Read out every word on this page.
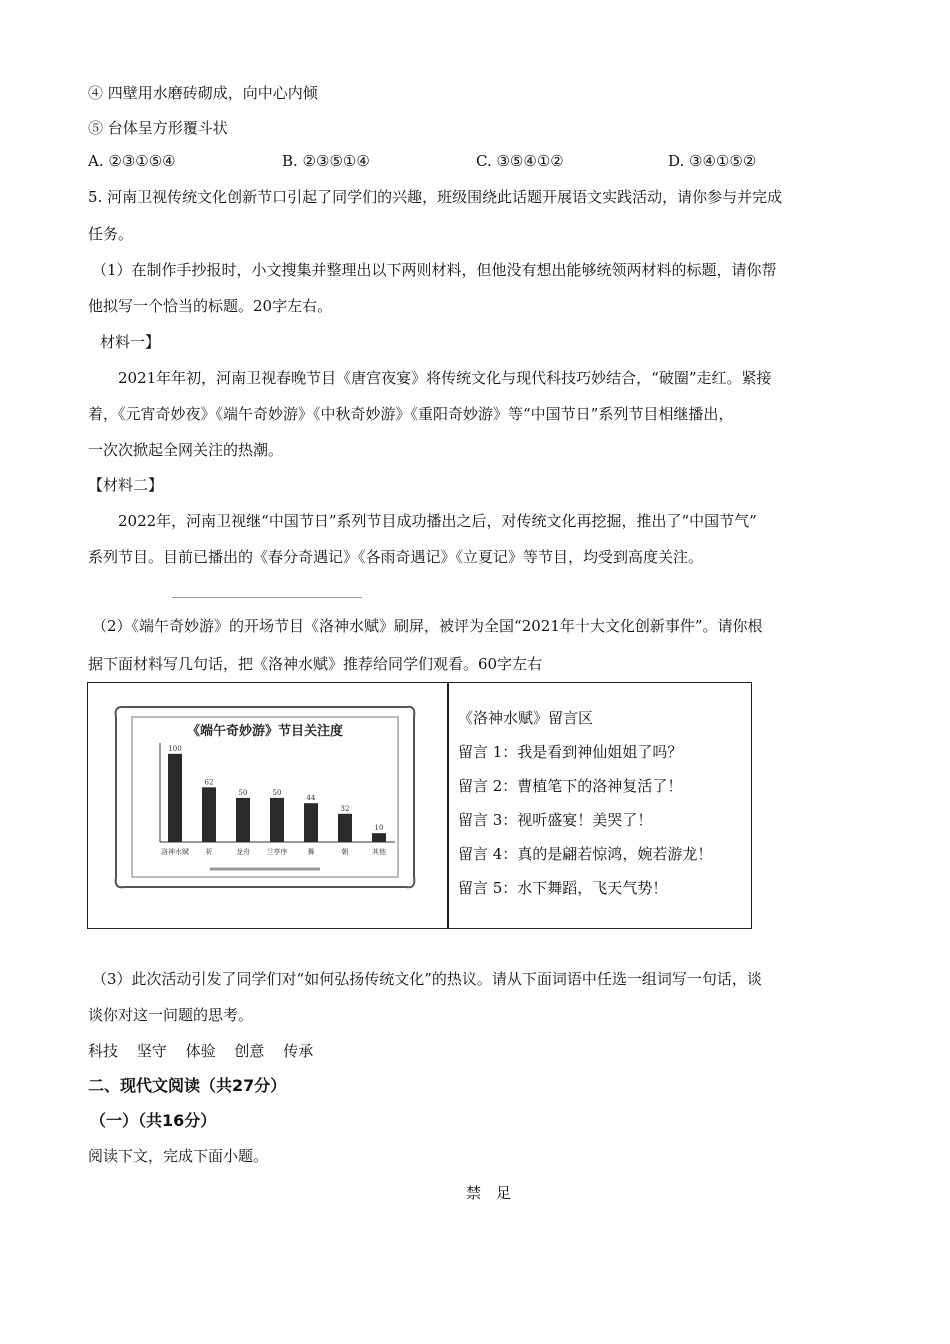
④ 四壁用水磨砖砌成，向中心内倾
⑤ 台体呈方形覆斗状
A. ②③①⑤④	B. ②③⑤①④	C. ③⑤④①②	D. ③④①⑤②
5. 河南卫视传统文化创新节口引起了同学们的兴趣，班级围绕此话题开展语文实践活动，请你参与并完成
任务。
（1）在制作手抄报时，小文搜集并整理出以下两则材料，但他没有想出能够统领两材料的标题，请你帮
他拟写一个恰当的标题。20字左右。
材料一】
2021年年初，河南卫视春晚节目《唐宫夜宴》将传统文化与现代科技巧妙结合，“破圈”走红。紧接
着，《元宵奇妙夜》《端午奇妙游》《中秋奇妙游》《重阳奇妙游》等“中国节日”系列节目相继播出，
一次次掀起全网关注的热潮。
【材料二】
2022年，河南卫视继“中国节日”系列节目成功播出之后，对传统文化再挖掘，推出了“中国节气”
系列节目。目前已播出的《春分奇遇记》《各雨奇遇记》《立夏记》等节目，均受到高度关注。
（2）《端午奇妙游》的开场节目《洛神水赋》刷屏，被评为全国“2021年十大文化创新事件”。请你根
据下面材料写几句话，把《洛神水赋》推荐给同学们观看。60字左右
《端午奇妙游》节目关注度
100
洛神水赋
62
祈
50
龙舟
50
兰亭序
44
舞
32
朝
10
其他
《洛神水赋》留言区
留言 1：我是看到神仙姐姐了吗？
留言 2：曹植笔下的洛神复活了！
留言 3：视听盛宴！美哭了！
留言 4：真的是翩若惊鸿，婉若游龙！
留言 5：水下舞蹈，飞天气势！
（3）此次活动引发了同学们对“如何弘扬传统文化”的热议。请从下面词语中任选一组词写一句话，谈
谈你对这一问题的思考。
科技 坚守 体验 创意 传承
二、现代文阅读（共27分）
（一）（共16分）
阅读下文，完成下面小题。
禁　足
